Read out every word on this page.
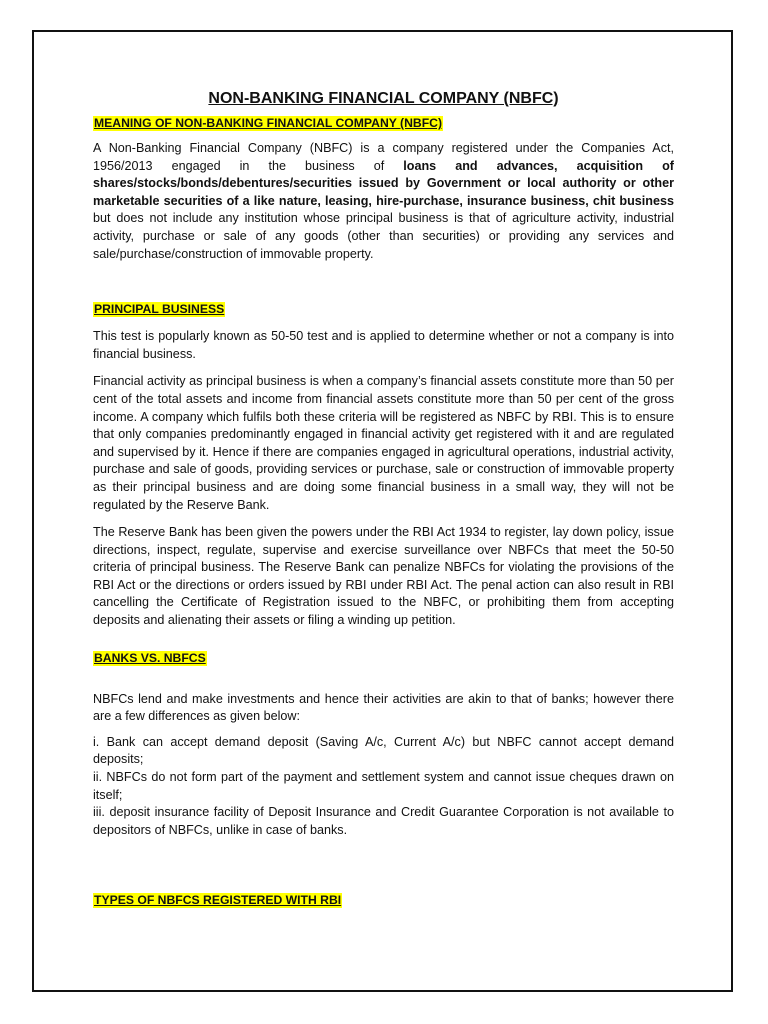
NON-BANKING FINANCIAL COMPANY (NBFC)
MEANING OF NON-BANKING FINANCIAL COMPANY (NBFC)

A Non-Banking Financial Company (NBFC) is a company registered under the Companies Act, 1956/2013 engaged in the business of loans and advances, acquisition of shares/stocks/bonds/debentures/securities issued by Government or local authority or other marketable securities of a like nature, leasing, hire-purchase, insurance business, chit business but does not include any institution whose principal business is that of agriculture activity, industrial activity, purchase or sale of any goods (other than securities) or providing any services and sale/purchase/construction of immovable property.

PRINCIPAL BUSINESS

This test is popularly known as 50-50 test and is applied to determine whether or not a company is into financial business.

Financial activity as principal business is when a company’s financial assets constitute more than 50 per cent of the total assets and income from financial assets constitute more than 50 per cent of the gross income. A company which fulfils both these criteria will be registered as NBFC by RBI. This is to ensure that only companies predominantly engaged in financial activity get registered with it and are regulated and supervised by it. Hence if there are companies engaged in agricultural operations, industrial activity, purchase and sale of goods, providing services or purchase, sale or construction of immovable property as their principal business and are doing some financial business in a small way, they will not be regulated by the Reserve Bank.

The Reserve Bank has been given the powers under the RBI Act 1934 to register, lay down policy, issue directions, inspect, regulate, supervise and exercise surveillance over NBFCs that meet the 50-50 criteria of principal business. The Reserve Bank can penalize NBFCs for violating the provisions of the RBI Act or the directions or orders issued by RBI under RBI Act. The penal action can also result in RBI cancelling the Certificate of Registration issued to the NBFC, or prohibiting them from accepting deposits and alienating their assets or filing a winding up petition.

BANKS VS. NBFCS

NBFCs lend and make investments and hence their activities are akin to that of banks; however there are a few differences as given below:

i. Bank can accept demand deposit (Saving A/c, Current A/c) but NBFC cannot accept demand deposits;

ii. NBFCs do not form part of the payment and settlement system and cannot issue cheques drawn on itself;

iii. deposit insurance facility of Deposit Insurance and Credit Guarantee Corporation is not available to depositors of NBFCs, unlike in case of banks.

TYPES OF NBFCS REGISTERED WITH RBI
